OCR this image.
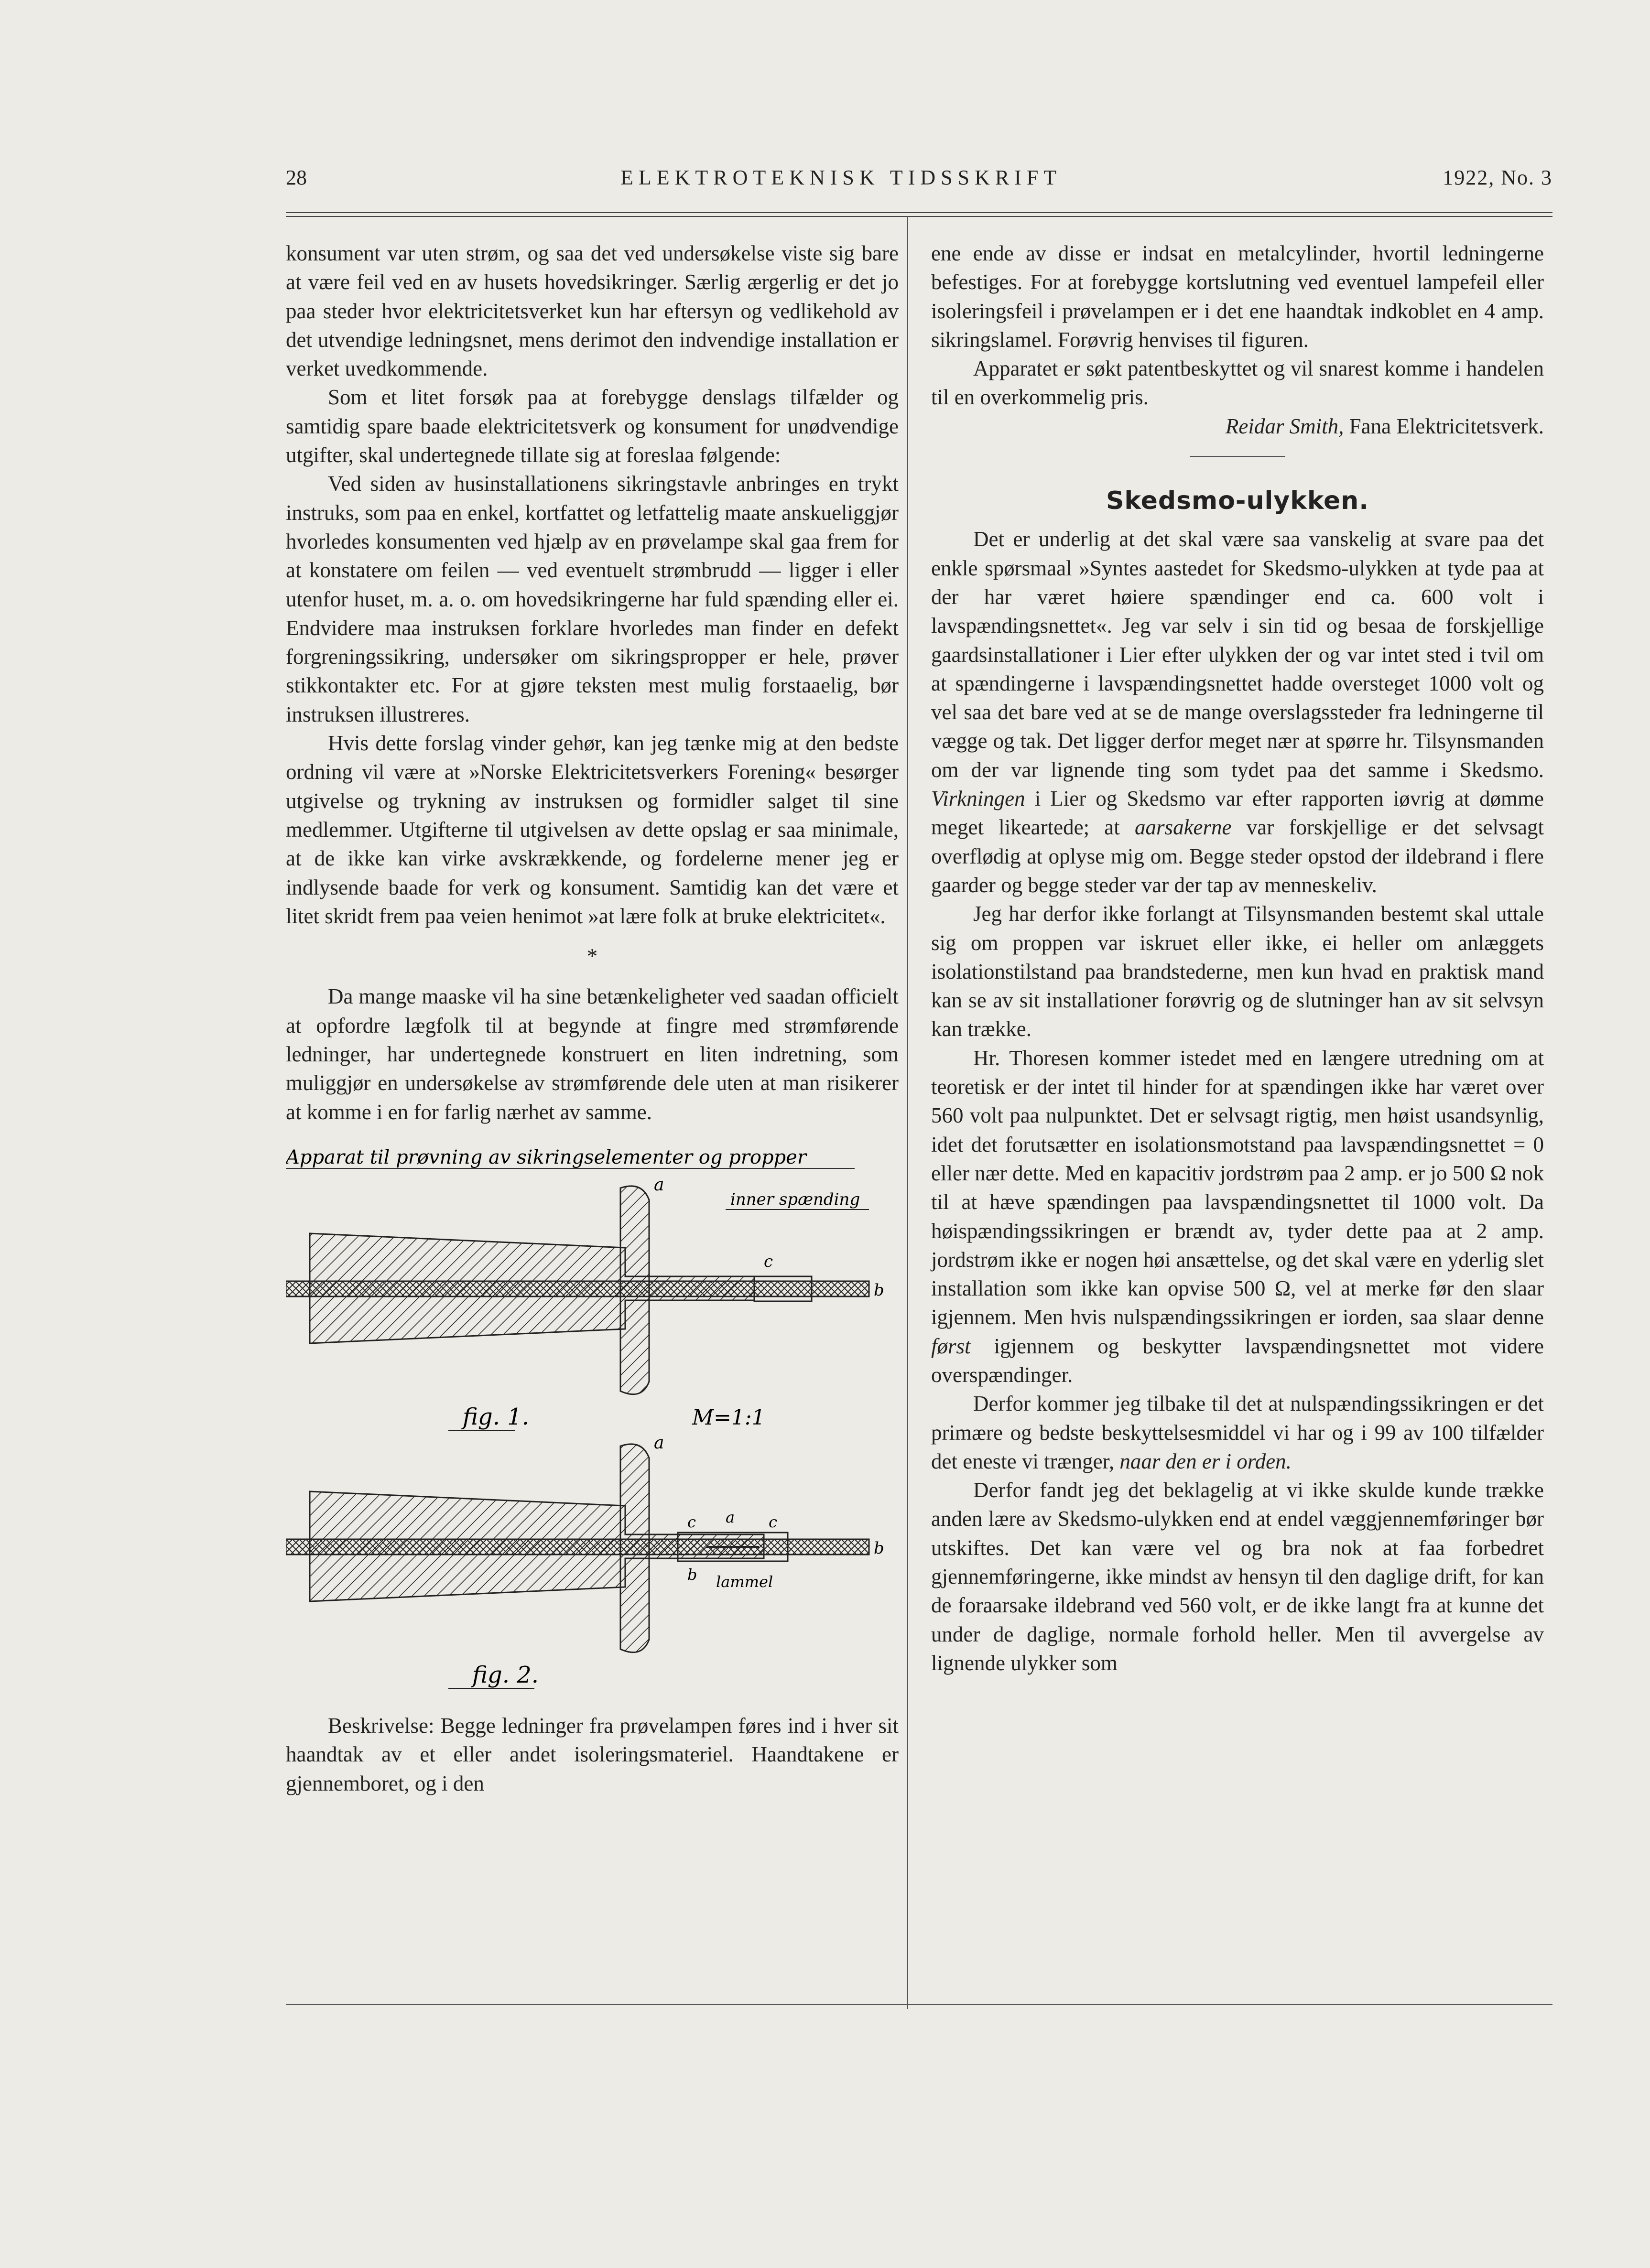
28	ELEKTROTEKNISK TIDSSKRIFT	1922, No. 3

konsument var uten strøm, og saa det ved undersøkelse viste sig bare at være feil ved en av husets hovedsikringer. Særlig ærgerlig er det jo paa steder hvor elektricitetsverket kun har eftersyn og vedlikehold av det utvendige ledningsnet, mens derimot den indvendige installation er verket uvedkommende.

Som et litet forsøk paa at forebygge denslags tilfælder og samtidig spare baade elektricitetsverk og konsument for unødvendige utgifter, skal undertegnede tillate sig at foreslaa følgende:

Ved siden av husinstallationens sikringstavle anbringes en trykt instruks, som paa en enkel, kortfattet og letfattelig maate anskueliggjør hvorledes konsumenten ved hjælp av en prøvelampe skal gaa frem for at konstatere om feilen — ved eventuelt strømbrudd — ligger i eller utenfor huset, m. a. o. om hovedsikringerne har fuld spænding eller ei. Endvidere maa instruksen forklare hvorledes man finder en defekt forgreningssikring, undersøker om sikringspropper er hele, prøver stikkontakter etc. For at gjøre teksten mest mulig forstaaelig, bør instruksen illustreres.

Hvis dette forslag vinder gehør, kan jeg tænke mig at den bedste ordning vil være at »Norske Elektricitetsverkers Forening« besørger utgivelse og trykning av instruksen og formidler salget til sine medlemmer. Utgifterne til utgivelsen av dette opslag er saa minimale, at de ikke kan virke avskrækkende, og fordelerne mener jeg er indlysende baade for verk og konsument. Samtidig kan det være et litet skridt frem paa veien henimot »at lære folk at bruke elektricitet«.

*

Da mange maaske vil ha sine betænkeligheter ved saadan officielt at opfordre lægfolk til at begynde at fingre med strømførende ledninger, har undertegnede konstruert en liten indretning, som muliggjør en undersøkelse av strømførende dele uten at man risikerer at komme i en for farlig nærhet av samme.

Apparat til prøvning av sikringselementer og propper
a
inner spænding
c
b
fig. 1.	M=1:1
a
c a c
b
b lammel
fig. 2.

Beskrivelse: Begge ledninger fra prøvelampen føres ind i hver sit haandtak av et eller andet isoleringsmateriel. Haandtakene er gjennemboret, og i den

ene ende av disse er indsat en metalcylinder, hvortil ledningerne befestiges. For at forebygge kortslutning ved eventuel lampefeil eller isoleringsfeil i prøvelampen er i det ene haandtak indkoblet en 4 amp. sikringslamel. Forøvrig henvises til figuren.

Apparatet er søkt patentbeskyttet og vil snarest komme i handelen til en overkommelig pris.

Reidar Smith, Fana Elektricitetsverk.

Skedsmo-ulykken.

Det er underlig at det skal være saa vanskelig at svare paa det enkle spørsmaal »Syntes aastedet for Skedsmo-ulykken at tyde paa at der har været høiere spændinger end ca. 600 volt i lavspændingsnettet«. Jeg var selv i sin tid og besaa de forskjellige gaardsinstallationer i Lier efter ulykken der og var intet sted i tvil om at spændingerne i lavspændingsnettet hadde oversteget 1000 volt og vel saa det bare ved at se de mange overslagssteder fra ledningerne til vægge og tak. Det ligger derfor meget nær at spørre hr. Tilsynsmanden om der var lignende ting som tydet paa det samme i Skedsmo. Virkningen i Lier og Skedsmo var efter rapporten iøvrig at dømme meget likeartede; at aarsakerne var forskjellige er det selvsagt overflødig at oplyse mig om. Begge steder opstod der ildebrand i flere gaarder og begge steder var der tap av menneskeliv.

Jeg har derfor ikke forlangt at Tilsynsmanden bestemt skal uttale sig om proppen var iskruet eller ikke, ei heller om anlæggets isolationstilstand paa brandstederne, men kun hvad en praktisk mand kan se av sit installationer forøvrig og de slutninger han av sit selvsyn kan trække.

Hr. Thoresen kommer istedet med en længere utredning om at teoretisk er der intet til hinder for at spændingen ikke har været over 560 volt paa nulpunktet. Det er selvsagt rigtig, men høist usandsynlig, idet det forutsætter en isolationsmotstand paa lavspændingsnettet = 0 eller nær dette. Med en kapacitiv jordstrøm paa 2 amp. er jo 500 Ω nok til at hæve spændingen paa lavspændingsnettet til 1000 volt. Da høispændingssikringen er brændt av, tyder dette paa at 2 amp. jordstrøm ikke er nogen høi ansættelse, og det skal være en yderlig slet installation som ikke kan opvise 500 Ω, vel at merke før den slaar igjennem. Men hvis nulspændingssikringen er iorden, saa slaar denne først igjennem og beskytter lavspændingsnettet mot videre overspændinger.

Derfor kommer jeg tilbake til det at nulspændingssikringen er det primære og bedste beskyttelsesmiddel vi har og i 99 av 100 tilfælder det eneste vi trænger, naar den er i orden.

Derfor fandt jeg det beklagelig at vi ikke skulde kunde trække anden lære av Skedsmo-ulykken end at endel væggjennemføringer bør utskiftes. Det kan være vel og bra nok at faa forbedret gjennemføringerne, ikke mindst av hensyn til den daglige drift, for kan de foraarsake ildebrand ved 560 volt, er de ikke langt fra at kunne det under de daglige, normale forhold heller. Men til avvergelse av lignende ulykker som
